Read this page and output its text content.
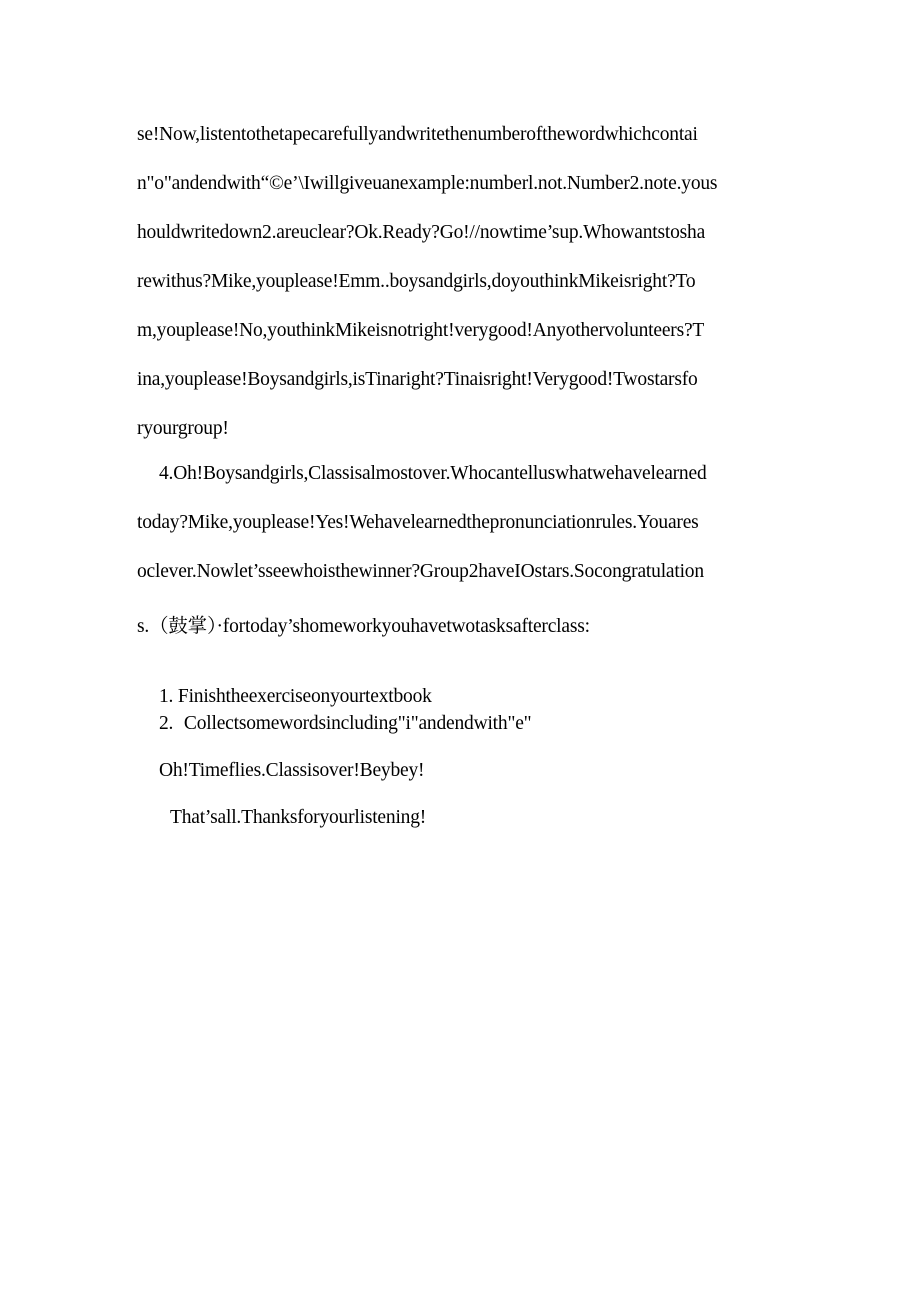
se!Now,listentothetapecarefullyandwritethenumberofthewordwhichcontai
n"o"andendwith“©e’\Iwillgiveuanexample:numberl.not.Number2.note.yous
houldwritedown2.areuclear?Ok.Ready?Go!//nowtime’sup.Whowantstosha
rewithus?Mike,youplease!Emm..boysandgirls,doyouthinkMikeisright?To
m,youplease!No,youthinkMikeisnotright!verygood!Anyothervolunteers?T
ina,youplease!Boysandgirls,isTinaright?Tinaisright!Verygood!Twostarsfo
ryourgroup!
4.Oh!Boysandgirls,Classisalmostover.Whocantelluswhatwehavelearned
today?Mike,youplease!Yes!Wehavelearnedthepronunciationrules.Youares
oclever.Nowlet’sseewhoisthewinner?Group2haveIOstars.Socongratulation
s.（鼓掌）·fortoday’shomeworkyouhavetwotasksafterclass:
1. Finishtheexerciseonyourtextbook
2. Collectsomewordsincluding"i"andendwith"e"
Oh!Timeflies.Classisover!Beybey!
That’sall.Thanksforyourlistening!
